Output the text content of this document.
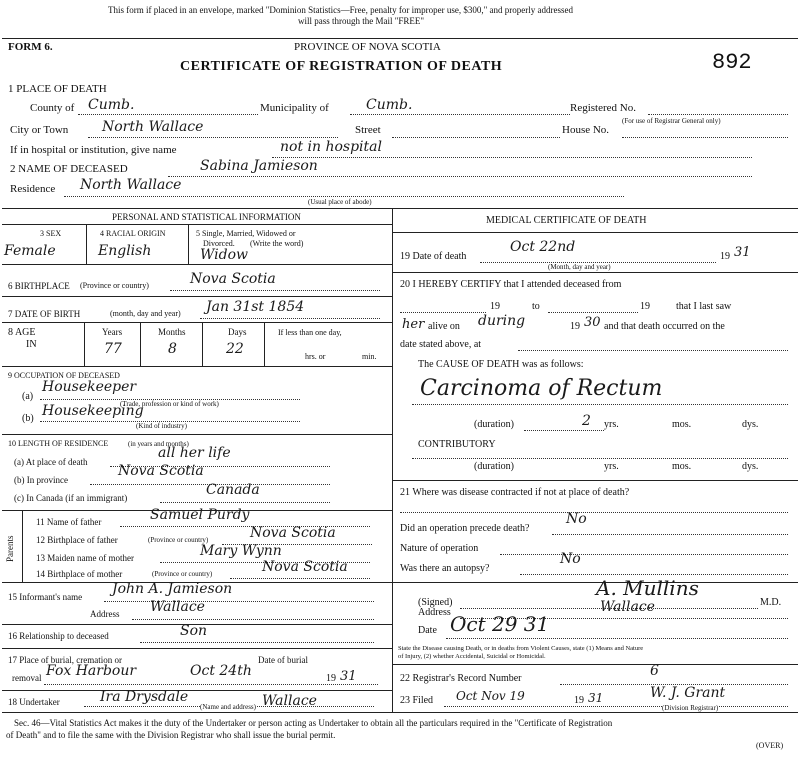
This form if placed in an envelope, marked "Dominion Statistics—Free, penalty for improper use, $300," and properly addressed
will pass through the Mail "FREE"
FORM 6.	PROVINCE OF NOVA SCOTIA
CERTIFICATE OF REGISTRATION OF DEATH	892
1 PLACE OF DEATH
County of Cumb.	Municipality of	Cumb.	Registered No.
(For use of Registrar General only)
City or Town North Wallace	Street	House No.
If in hospital or institution, give name	not in hospital
2 NAME OF DECEASED	Sabina Jamieson
Residence North Wallace
(Usual place of abode)
PERSONAL AND STATISTICAL INFORMATION
3 SEX
Female
4 RACIAL ORIGIN
English
5 Single, Married, Widowed or
Divorced. (Write the word)
Widow
6 BIRTHPLACE (Province or country)	Nova Scotia
7 DATE OF BIRTH	(month, day and year) Jan 31st 1854
8 AGE
IN
Years
77
Months
8
Days
22
If less than one day,
hrs. or	min.
9 OCCUPATION OF DECEASED
(a)
Housekeeper
(Trade, profession or kind of work)
(b) Housekeeping
(Kind of industry)
10 LENGTH OF RESIDENCE	(in years and months)
(a) At place of death
all her life
(b) In province
Nova Scotia
(c) In Canada (if an immigrant)	Canada
Parents
11 Name of father	Samuel Purdy
12 Birthplace of father	(Province or country)	Nova Scotia
13 Maiden name of mother	Mary Wynn
14 Birthplace of mother	(Province or country)	Nova Scotia
15 Informant's name John A. Jamieson
Address Wallace
16 Relationship to deceased	Son
17 Place of burial, cremation or
removal
Date of burial
Fox Harbour	Oct 24th	19 31
18 Undertaker	Ira Drysdale	Wallace
(Name and address)
MEDICAL CERTIFICATE OF DEATH
19 Date of death
Oct 22nd
19 31
(Month, day and year)
20 I HEREBY CERTIFY that I attended deceased from
19	to	19	that I last saw
her alive on during	19 30 and that death occurred on the
date stated above, at
The CAUSE OF DEATH was as follows:
Carcinoma of Rectum
(duration)	2 yrs.	mos.	dys.
CONTRIBUTORY
(duration)	yrs.	mos.	dys.
21 Where was disease contracted if not at place of death?
Did an operation precede death?
No
Nature of operation
Was there an autopsy?
No
(Signed)
A. Mullins
M.D.
Address	Wallace
Date Oct 29 31
State the Disease causing Death, or in deaths from Violent Causes, state (1) Means and Nature
of Injury, (2) whether Accidental, Suicidal or Homicidal.
22 Registrar's Record Number	6
23 Filed Oct Nov 19	19 31	W. J. Grant
(Division Registrar)
Sec. 46—Vital Statistics Act makes it the duty of the Undertaker or person acting as Undertaker to obtain all the particulars required in the "Certificate of Registration
of Death" and to file the same with the Division Registrar who shall issue the burial permit.
(OVER)
